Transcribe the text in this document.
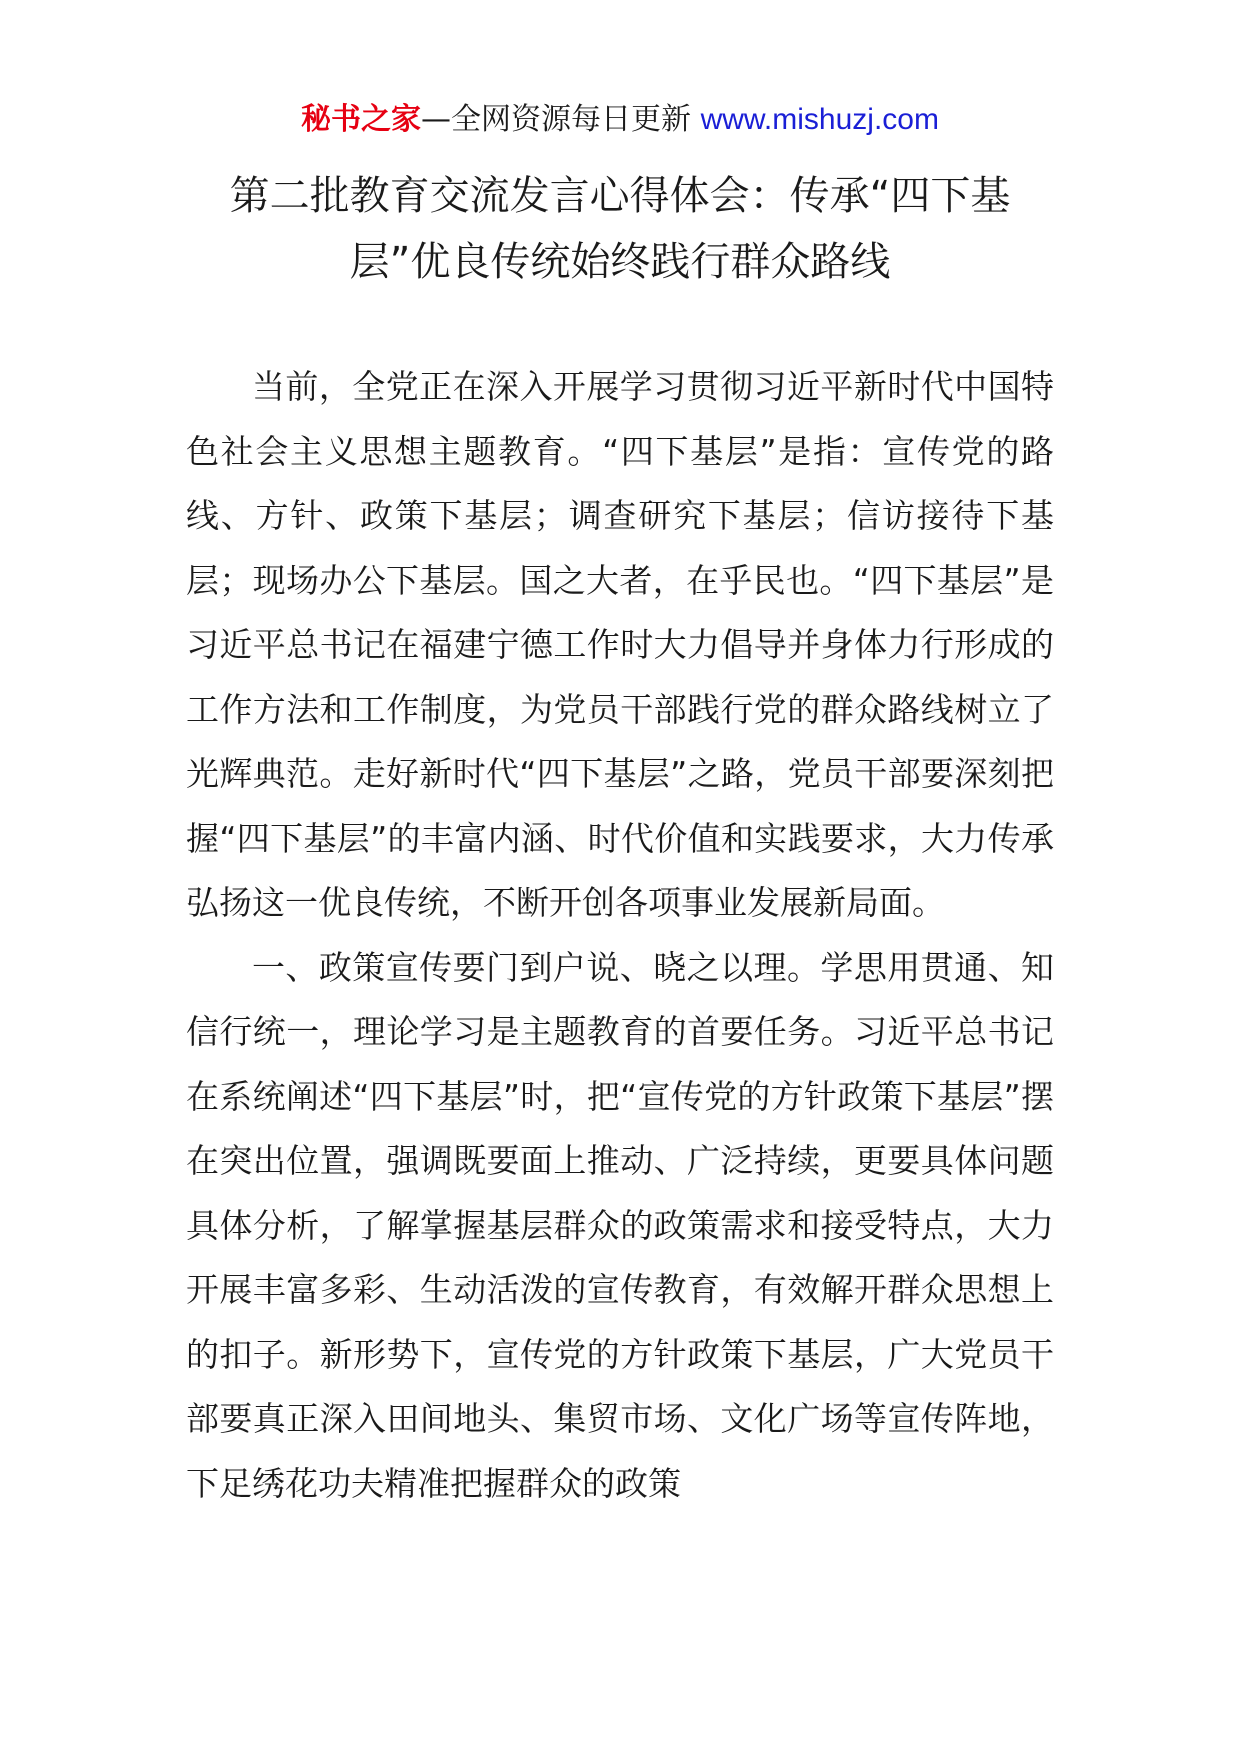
秘书之家—全网资源每日更新 www.mishuzj.com
第二批教育交流发言心得体会：传承“四下基层”优良传统始终践行群众路线

当前，全党正在深入开展学习贯彻习近平新时代中国特色社会主义思想主题教育。“四下基层”是指：宣传党的路线、方针、政策下基层；调查研究下基层；信访接待下基层；现场办公下基层。国之大者，在乎民也。“四下基层”是习近平总书记在福建宁德工作时大力倡导并身体力行形成的工作方法和工作制度，为党员干部践行党的群众路线树立了光辉典范。走好新时代“四下基层”之路，党员干部要深刻把握“四下基层”的丰富内涵、时代价值和实践要求，大力传承弘扬这一优良传统，不断开创各项事业发展新局面。

一、政策宣传要门到户说、晓之以理。学思用贯通、知信行统一，理论学习是主题教育的首要任务。习近平总书记在系统阐述“四下基层”时，把“宣传党的方针政策下基层”摆在突出位置，强调既要面上推动、广泛持续，更要具体问题具体分析，了解掌握基层群众的政策需求和接受特点，大力开展丰富多彩、生动活泼的宣传教育，有效解开群众思想上的扣子。新形势下，宣传党的方针政策下基层，广大党员干部要真正深入田间地头、集贸市场、文化广场等宣传阵地，下足绣花功夫精准把握群众的政策
